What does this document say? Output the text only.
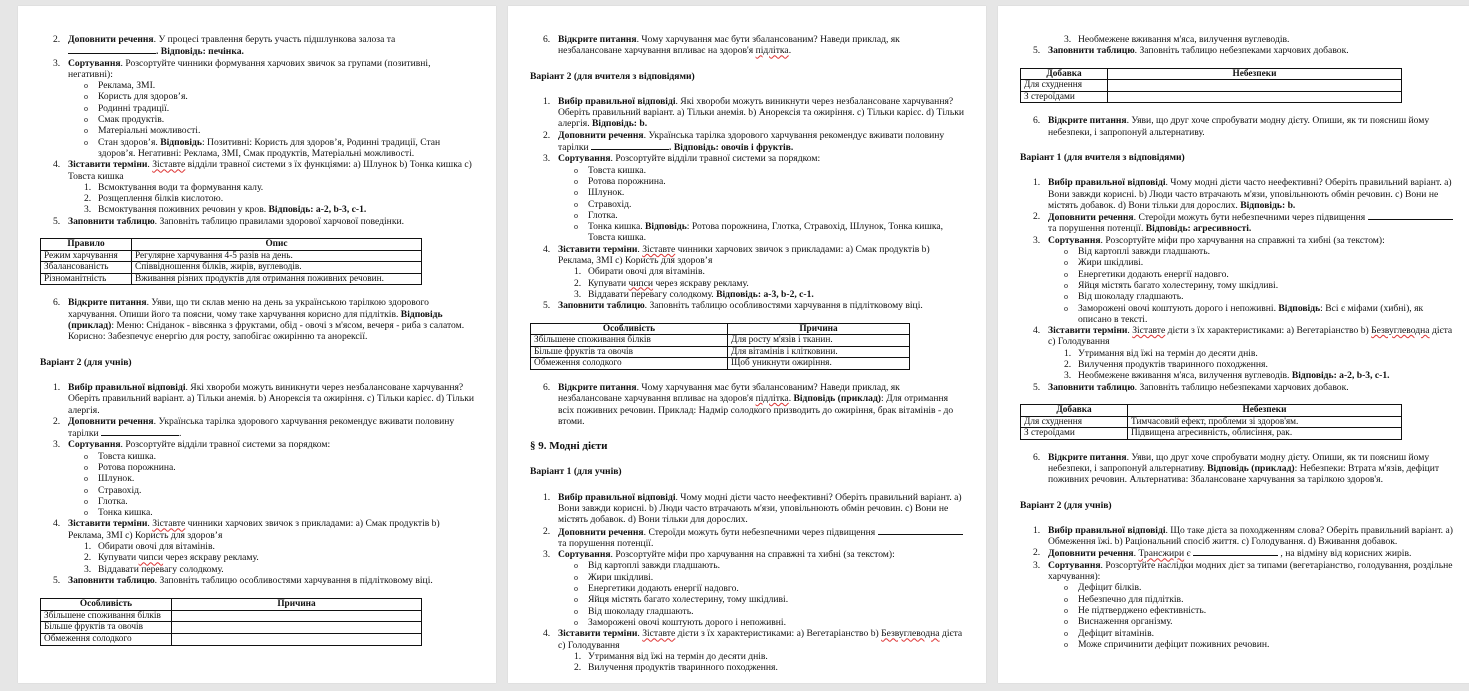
2. Доповнити речення. У процесі травлення беруть участь підшлункова залоза та
. Відповідь: печінка.
3. Сортування. Розсортуйте чинники формування харчових звичок за групами (позитивні, негативні):
o Реклама, ЗМІ.
o Користь для здоров’я.
o Родинні традиції.
o Смак продуктів.
o Матеріальні можливості.
o Стан здоров’я. Відповідь: Позитивні: Користь для здоров’я, Родинні традиції, Стан здоров’я. Негативні: Реклама, ЗМІ, Смак продуктів, Матеріальні можливості.
4. Зіставити терміни. Зіставте відділи травної системи з їх функціями: a) Шлунок b) Тонка кишка c) Товста кишка
1. Всмоктування води та формування калу.
2. Розщеплення білків кислотою.
3. Всмоктування поживних речовин у кров. Відповідь: a-2, b-3, c-1.
5. Заповнити таблицю. Заповніть таблицю правилами здорової харчової поведінки.
Правило	Опис
Режим харчування	Регулярне харчування 4-5 разів на день.
Збалансованість	Співвідношення білків, жирів, вуглеводів.
Різноманітність	Вживання різних продуктів для отримання поживних речовин.
6. Відкрите питання. Уяви, що ти склав меню на день за українською тарілкою здорового харчування. Опиши його та поясни, чому таке харчування корисно для підлітків. Відповідь (приклад): Меню: Сніданок - вівсянка з фруктами, обід - овочі з м'ясом, вечеря - риба з салатом. Корисно: Забезпечує енергію для росту, запобігає ожирінню та анорексії.

Варіант 2 (для учнів)

1. Вибір правильної відповіді. Які хвороби можуть виникнути через незбалансоване харчування? Оберіть правильний варіант. a) Тільки анемія. b) Анорексія та ожиріння. c) Тільки карієс. d) Тільки алергія.
2. Доповнити речення. Українська тарілка здорового харчування рекомендує вживати половину тарілки	.
3. Сортування. Розсортуйте відділи травної системи за порядком:
o Товста кишка.
o Ротова порожнина.
o Шлунок.
o Стравохід.
o Глотка.
o Тонка кишка.
4. Зіставити терміни. Зіставте чинники харчових звичок з прикладами: a) Смак продуктів b) Реклама, ЗМІ c) Користь для здоров’я
1. Обирати овочі для вітамінів.
2. Купувати чипси через яскраву рекламу.
3. Віддавати перевагу солодкому.
5. Заповнити таблицю. Заповніть таблицю особливостями харчування в підлітковому віці.
Особливість	Причина
Збільшене споживання білків	
Більше фруктів та овочів	
Обмеження солодкого	
6. Відкрите питання. Чому харчування має бути збалансованим? Наведи приклад, як незбалансоване харчування впливає на здоров'я підлітка.

Варіант 2 (для вчителя з відповідями)

1. Вибір правильної відповіді. Які хвороби можуть виникнути через незбалансоване харчування? Оберіть правильний варіант. a) Тільки анемія. b) Анорексія та ожиріння. c) Тільки карієс. d) Тільки алергія. Відповідь: b.
2. Доповнити речення. Українська тарілка здорового харчування рекомендує вживати половину тарілки	. Відповідь: овочів і фруктів.
3. Сортування. Розсортуйте відділи травної системи за порядком:
o Товста кишка.
o Ротова порожнина.
o Шлунок.
o Стравохід.
o Глотка.
o Тонка кишка. Відповідь: Ротова порожнина, Глотка, Стравохід, Шлунок, Тонка кишка, Товста кишка.
4. Зіставити терміни. Зіставте чинники харчових звичок з прикладами: a) Смак продуктів b) Реклама, ЗМІ c) Користь для здоров’я
1. Обирати овочі для вітамінів.
2. Купувати чипси через яскраву рекламу.
3. Віддавати перевагу солодкому. Відповідь: a-3, b-2, c-1.
5. Заповнити таблицю. Заповніть таблицю особливостями харчування в підлітковому віці.
Особливість	Причина
Збільшене споживання білків	Для росту м'язів і тканин.
Більше фруктів та овочів	Для вітамінів і клітковини.
Обмеження солодкого	Щоб уникнути ожиріння.
6. Відкрите питання. Чому харчування має бути збалансованим? Наведи приклад, як незбалансоване харчування впливає на здоров'я підлітка. Відповідь (приклад): Для отримання всіх поживних речовин. Приклад: Надмір солодкого призводить до ожиріння, брак вітамінів - до втоми.

§ 9. Модні дієти

Варіант 1 (для учнів)

1. Вибір правильної відповіді. Чому модні дієти часто неефективні? Оберіть правильний варіант. a) Вони завжди корисні. b) Люди часто втрачають м'язи, уповільнюють обмін речовин. c) Вони не містять добавок. d) Вони тільки для дорослих.
2. Доповнити речення. Стероїди можуть бути небезпечними через підвищення  та порушення потенції.
3. Сортування. Розсортуйте міфи про харчування на справжні та хибні (за текстом):
o Від картоплі завжди гладшають.
o Жири шкідливі.
o Енергетики додають енергії надовго.
o Яйця містять багато холестерину, тому шкідливі.
o Від шоколаду гладшають.
o Заморожені овочі коштують дорого і непоживні.
4. Зіставити терміни. Зіставте дієти з їх характеристиками: a) Вегетаріанство b) Безвуглеводна дієта c) Голодування
1. Утримання від їжі на термін до десяти днів.
2. Вилучення продуктів тваринного походження.
3. Необмежене вживання м'яса, вилучення вуглеводів.
5. Заповнити таблицю. Заповніть таблицю небезпеками харчових добавок.
Добавка	Небезпеки
Для схуднення	
З стероїдами	
6. Відкрите питання. Уяви, що друг хоче спробувати модну дієту. Опиши, як ти поясниш йому небезпеки, і запропонуй альтернативу.

Варіант 1 (для вчителя з відповідями)

1. Вибір правильної відповіді. Чому модні дієти часто неефективні? Оберіть правильний варіант. a) Вони завжди корисні. b) Люди часто втрачають м'язи, уповільнюють обмін речовин. c) Вони не містять добавок. d) Вони тільки для дорослих. Відповідь: b.
2. Доповнити речення. Стероїди можуть бути небезпечними через підвищення  та порушення потенції. Відповідь: агресивності.
3. Сортування. Розсортуйте міфи про харчування на справжні та хибні (за текстом):
o Від картоплі завжди гладшають.
o Жири шкідливі.
o Енергетики додають енергії надовго.
o Яйця містять багато холестерину, тому шкідливі.
o Від шоколаду гладшають.
o Заморожені овочі коштують дорого і непоживні. Відповідь: Всі є міфами (хибні), як описано в тексті.
4. Зіставити терміни. Зіставте дієти з їх характеристиками: a) Вегетаріанство b) Безвуглеводна дієта c) Голодування
1. Утримання від їжі на термін до десяти днів.
2. Вилучення продуктів тваринного походження.
3. Необмежене вживання м'яса, вилучення вуглеводів. Відповідь: a-2, b-3, c-1.
5. Заповнити таблицю. Заповніть таблицю небезпеками харчових добавок.
Добавка	Небезпеки
Для схуднення	Тимчасовий ефект, проблеми зі здоров'ям.
З стероїдами	Підвищена агресивність, облисіння, рак.
6. Відкрите питання. Уяви, що друг хоче спробувати модну дієту. Опиши, як ти поясниш йому небезпеки, і запропонуй альтернативу. Відповідь (приклад): Небезпеки: Втрата м'язів, дефіцит поживних речовин. Альтернатива: Збалансоване харчування за тарілкою здоров'я.

Варіант 2 (для учнів)

1. Вибір правильної відповіді. Що таке дієта за походженням слова? Оберіть правильний варіант. a) Обмеження їжі. b) Раціональний спосіб життя. c) Голодування. d) Вживання добавок.
2. Доповнити речення. Трансжири є	, на відміну від корисних жирів.
3. Сортування. Розсортуйте наслідки модних дієт за типами (вегетаріанство, голодування, роздільне харчування):
o Дефіцит білків.
o Небезпечно для підлітків.
o Не підтверджено ефективність.
o Виснаження організму.
o Дефіцит вітамінів.
o Може спричинити дефіцит поживних речовин.
